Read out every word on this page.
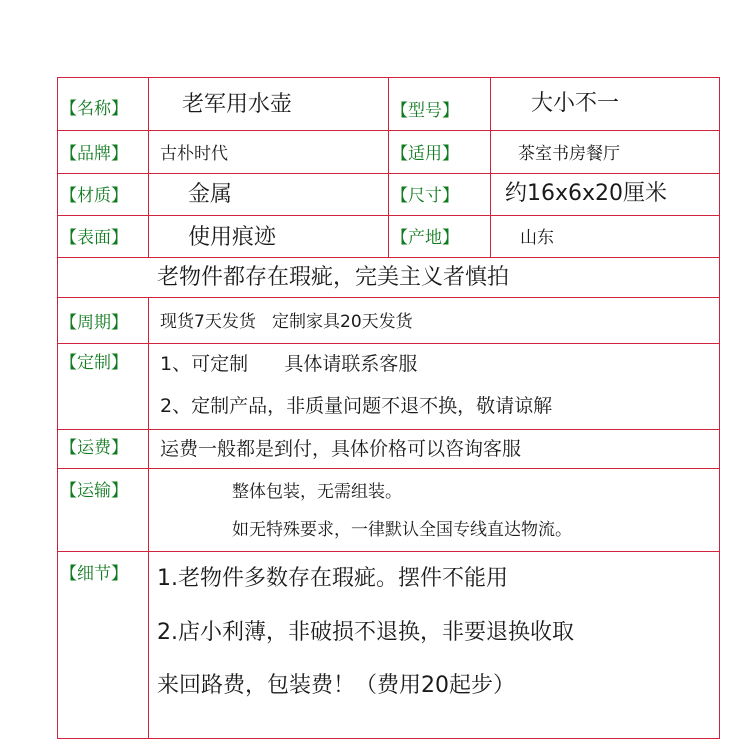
【名称】 老军用水壶	【型号】	大小不一
【品牌】 古朴时代	【适用】	茶室书房餐厅
【材质】	金属	【尺寸】 约16x6x20厘米
【表面】	使用痕迹	【产地】	山东
老物件都存在瑕疵，完美主义者慎拍
【周期】 现货7天发货   定制家具20天发货
【定制】 1、可定制      具体请联系客服
2、定制产品，非质量问题不退不换，敬请谅解
【运费】 运费一般都是到付，具体价格可以咨询客服
【运输】	整体包装，无需组装。
如无特殊要求，一律默认全国专线直达物流。
【细节】 1.老物件多数存在瑕疵。摆件不能用
2.店小利薄，非破损不退换，非要退换收取
来回路费，包装费！（费用20起步）
